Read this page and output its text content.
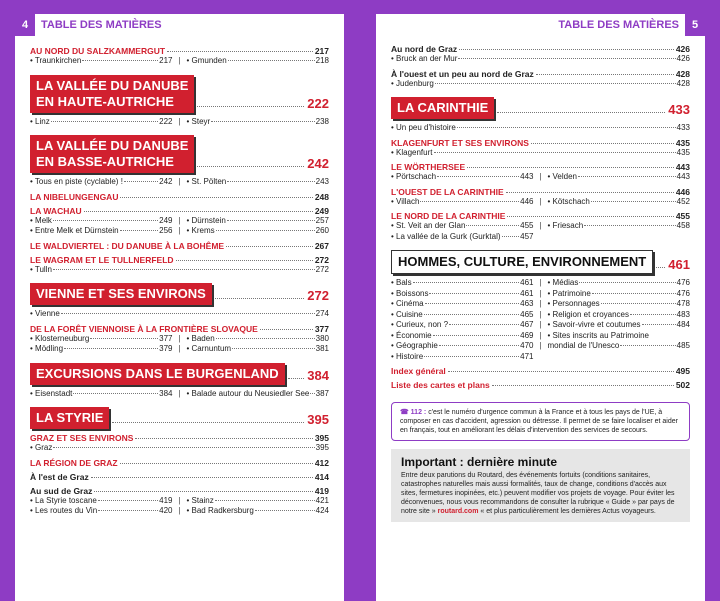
4	TABLE DES MATIÈRES
AU NORD DU SALZKAMMERGUT	217
• Traunkirchen	217 | • Gmunden	218
LA VALLÉE DU DANUBE
EN HAUTE-AUTRICHE	222
• Linz	222 | • Steyr	238
LA VALLÉE DU DANUBE
EN BASSE-AUTRICHE	242
• Tous en piste (cyclable) !	242 | • St. Pölten	243
LA NIBELUNGENGAU	248
LA WACHAU	249
• Melk	249 | • Dürnstein	257
• Entre Melk et Dürnstein	256 | • Krems	260
LE WALDVIERTEL : DU DANUBE À LA BOHÊME	267
LE WAGRAM ET LE TULLNERFELD	272
• Tulln	272
VIENNE ET SES ENVIRONS	272
• Vienne	274
DE LA FORÊT VIENNOISE À LA FRONTIÈRE SLOVAQUE	377
• Klosterneuburg	377 | • Baden	380
• Mödling	379 | • Carnuntum	381
EXCURSIONS DANS LE BURGENLAND 384
• Eisenstadt	384 | • Balade autour du Neusiedler See 387
LA STYRIE	395
GRAZ ET SES ENVIRONS	395
• Graz	395
LA RÉGION DE GRAZ	412
À l'est de Graz	414
Au sud de Graz	419
• La Styrie toscane	419 | • Stainz	421
• Les routes du Vin	420 | • Bad Radkersburg	424
TABLE DES MATIÈRES	5
Au nord de Graz	426
• Bruck an der Mur	426
À l'ouest et un peu au nord de Graz	428
• Judenburg	428
LA CARINTHIE	433
• Un peu d'histoire	433
KLAGENFURT ET SES ENVIRONS	435
• Klagenfurt	435
LE WÖRTHERSEE	443
• Pörtschach	443 | • Velden	443
L'OUEST DE LA CARINTHIE	446
• Villach	446 | • Kötschach	452
LE NORD DE LA CARINTHIE	455
• St. Veit an der Glan	455 | • Friesach	458
• La vallée de la Gurk (Gurktal) 457
HOMMES, CULTURE, ENVIRONNEMENT 461
• Bals	461 | • Médias	476
• Boissons	461 | • Patrimoine	476
• Cinéma	463 | • Personnages	478
• Cuisine	465 | • Religion et croyances	483
• Curieux, non ?	467 | • Savoir-vivre et coutumes	484
• Économie	469 | • Sites inscrits au Patrimoine
• Géographie	470 | mondial de l'Unesco	485
• Histoire	471
Index général	495
Liste des cartes et plans	502
☎ 112 : c'est le numéro d'urgence commun à la France et à tous les pays de l'UE, à composer en cas d'accident, agression ou détresse. Il permet de se faire localiser et aider en français, tout en améliorant les délais d'intervention des services de secours.
Important : dernière minute
Entre deux parutions du Routard, des événements fortuits (conditions sanitaires, catastrophes naturelles mais aussi formalités, taux de change, conditions d'accès aux sites, fermetures inopinées, etc.) peuvent modifier vos projets de voyage. Pour éviter les déconvenues, nous vous recommandons de consulter la rubrique « Guide » par pays de notre site » routard.com « et plus particulièrement les dernières Actus voyageurs.
